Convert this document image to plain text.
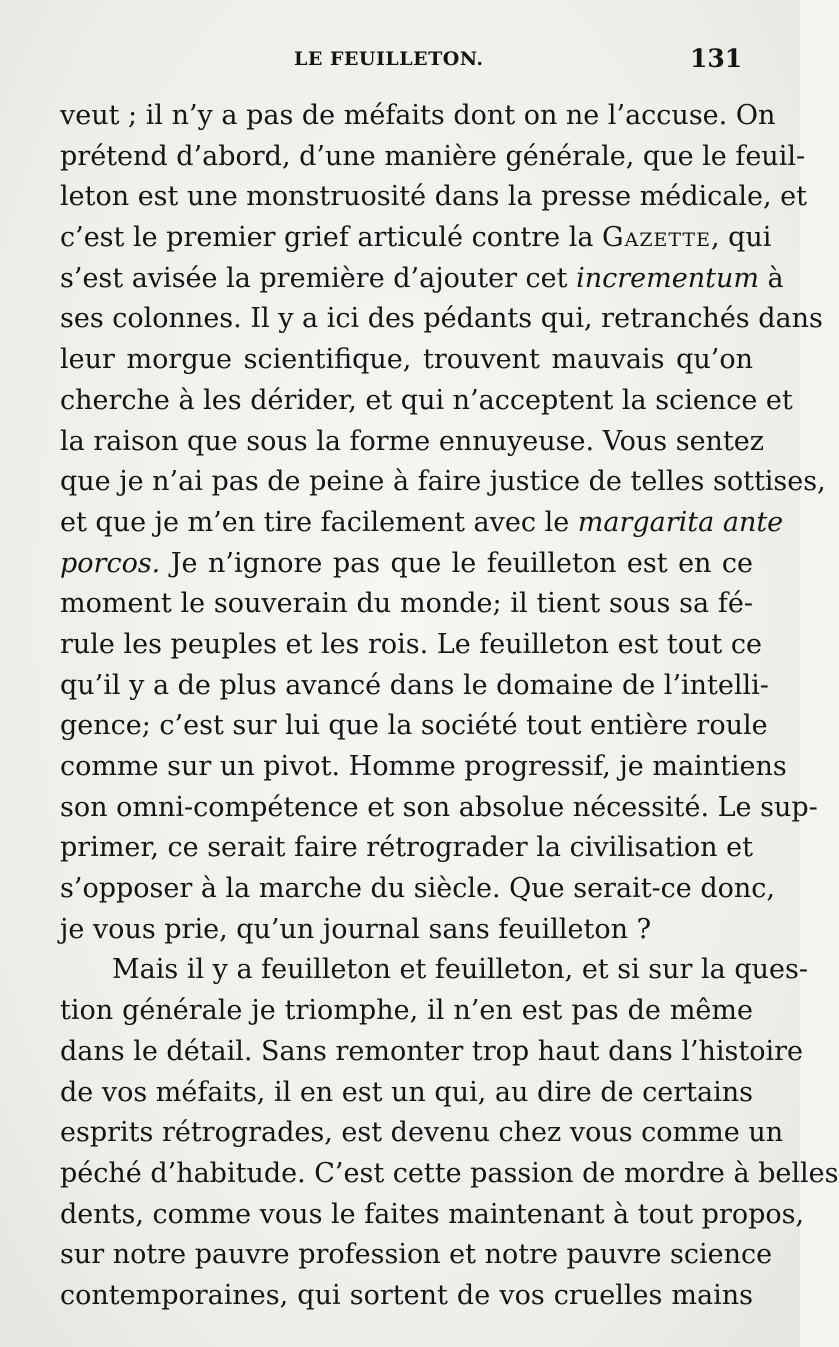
LE FEUILLETON.	131
veut ; il n’y a pas de méfaits dont on ne l’accuse. On
prétend d’abord, d’une manière générale, que le feuil-
leton est une monstruosité dans la presse médicale, et
c’est le premier grief articulé contre la Gazette, qui
s’est avisée la première d’ajouter cet incrementum à
ses colonnes. Il y a ici des pédants qui, retranchés dans
leur morgue scientifique, trouvent mauvais qu’on
cherche à les dérider, et qui n’acceptent la science et
la raison que sous la forme ennuyeuse. Vous sentez
que je n’ai pas de peine à faire justice de telles sottises,
et que je m’en tire facilement avec le margarita ante
porcos. Je n’ignore pas que le feuilleton est en ce
moment le souverain du monde; il tient sous sa fé-
rule les peuples et les rois. Le feuilleton est tout ce
qu’il y a de plus avancé dans le domaine de l’intelli-
gence; c’est sur lui que la société tout entière roule
comme sur un pivot. Homme progressif, je maintiens
son omni-compétence et son absolue nécessité. Le sup-
primer, ce serait faire rétrograder la civilisation et
s’opposer à la marche du siècle. Que serait-ce donc,
je vous prie, qu’un journal sans feuilleton ?
Mais il y a feuilleton et feuilleton, et si sur la ques-
tion générale je triomphe, il n’en est pas de même
dans le détail. Sans remonter trop haut dans l’histoire
de vos méfaits, il en est un qui, au dire de certains
esprits rétrogrades, est devenu chez vous comme un
péché d’habitude. C’est cette passion de mordre à belles
dents, comme vous le faites maintenant à tout propos,
sur notre pauvre profession et notre pauvre science
contemporaines, qui sortent de vos cruelles mains
